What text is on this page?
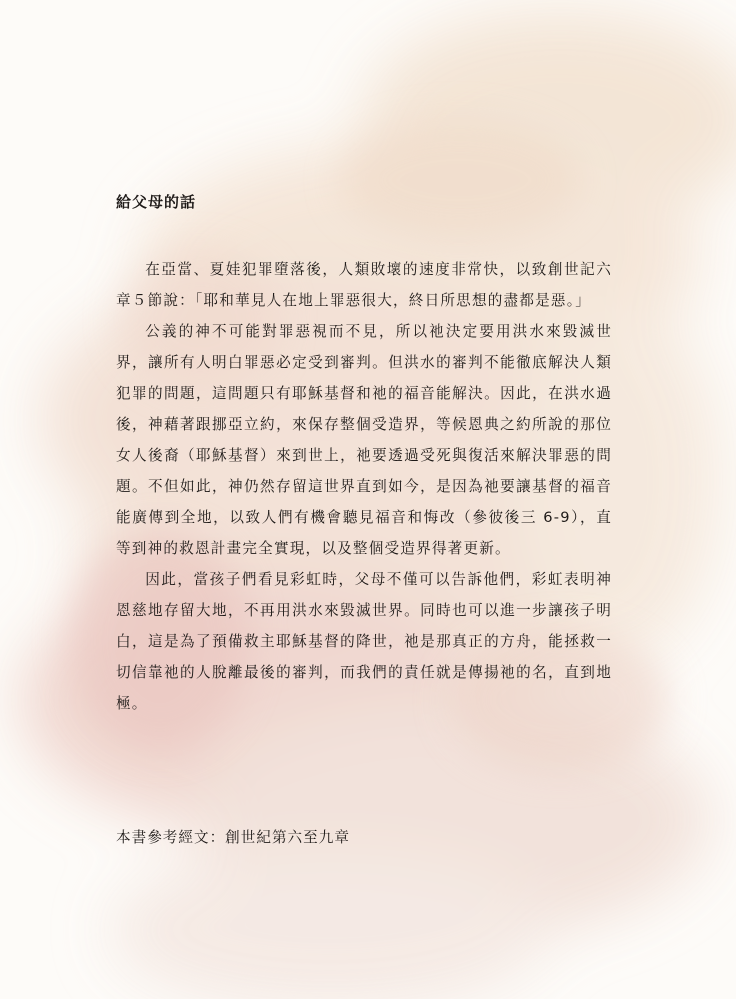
給父母的話

在亞當、夏娃犯罪墮落後，人類敗壞的速度非常快，以致創世記六章５節說：「耶和華見人在地上罪惡很大，終日所思想的盡都是惡。」

公義的神不可能對罪惡視而不見，所以祂決定要用洪水來毀滅世界，讓所有人明白罪惡必定受到審判。但洪水的審判不能徹底解決人類犯罪的問題，這問題只有耶穌基督和祂的福音能解決。因此，在洪水過後，神藉著跟挪亞立約，來保存整個受造界，等候恩典之約所說的那位女人後裔（耶穌基督）來到世上，祂要透過受死與復活來解決罪惡的問題。不但如此，神仍然存留這世界直到如今，是因為祂要讓基督的福音能廣傳到全地，以致人們有機會聽見福音和悔改（參彼後三 6-9），直等到神的救恩計畫完全實現，以及整個受造界得著更新。

因此，當孩子們看見彩虹時，父母不僅可以告訴他們，彩虹表明神恩慈地存留大地，不再用洪水來毀滅世界。同時也可以進一步讓孩子明白，這是為了預備救主耶穌基督的降世，祂是那真正的方舟，能拯救一切信靠祂的人脫離最後的審判，而我們的責任就是傳揚祂的名，直到地極。

本書參考經文：創世紀第六至九章
